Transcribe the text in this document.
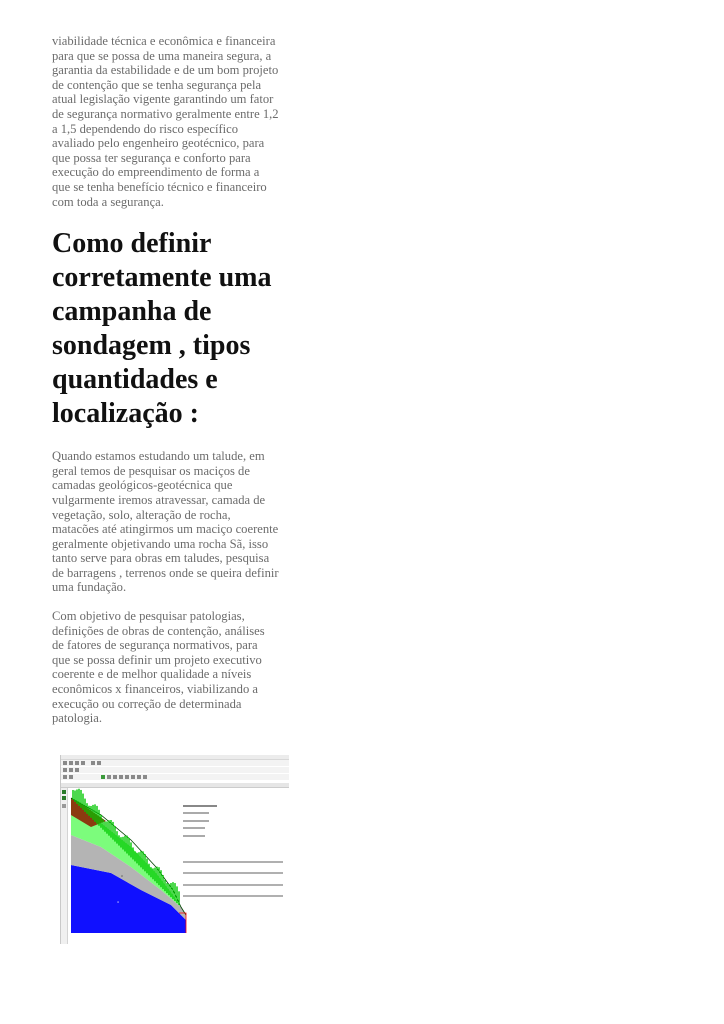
viabilidade técnica e econômica e financeira
para que se possa de uma maneira segura, a
garantia da estabilidade e de um bom projeto
de contenção que se tenha segurança pela
atual legislação vigente garantindo um fator
de segurança normativo geralmente entre 1,2
a 1,5 dependendo do risco específico
avaliado pelo engenheiro geotécnico, para
que possa ter segurança e conforto para
execução do empreendimento de forma a
que se tenha benefício técnico e financeiro
com toda a segurança.

Como definir
corretamente uma
campanha de
sondagem , tipos
quantidades e
localização :

Quando estamos estudando um talude, em
geral temos de pesquisar os maciços de
camadas geológicos-geotécnica que
vulgarmente iremos atravessar, camada de
vegetação, solo, alteração de rocha,
matacões até atingirmos um maciço coerente
geralmente objetivando uma rocha Sã, isso
tanto serve para obras em taludes, pesquisa
de barragens , terrenos onde se queira definir
uma fundação.

Com objetivo de pesquisar patologias,
definições de obras de contenção, análises
de fatores de segurança normativos, para
que se possa definir um projeto executivo
coerente e de melhor qualidade a níveis
econômicos x financeiros, viabilizando a
execução ou correção de determinada
patologia.

4
3
